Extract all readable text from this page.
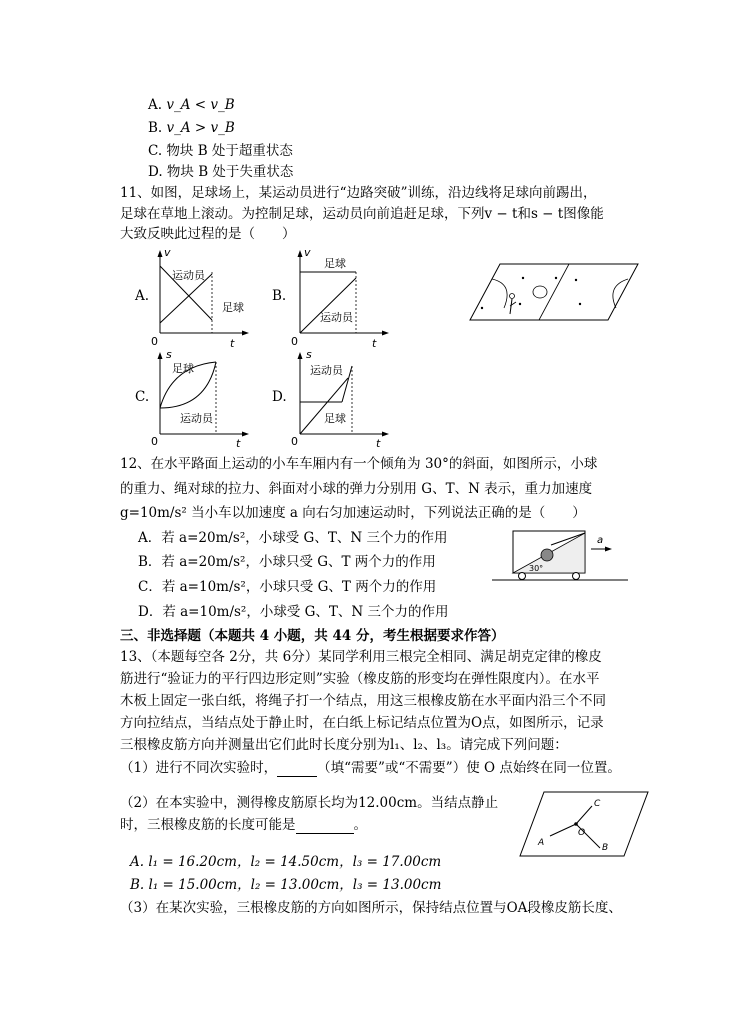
A. v_A < v_B
B. v_A > v_B
C. 物块 B 处于超重状态
D. 物块 B 处于失重状态
11、如图，足球场上，某运动员进行“边路突破”训练，沿边线将足球向前踢出，
足球在草地上滚动。为控制足球，运动员向前追赶足球，下列v − t和s − t图像能
大致反映此过程的是（　　）
A.
v
t
0
运动员
足球
B.
v
t
0
足球
运动员
C.
s
t
0
足球
运动员
D.
s
t
0
运动员
足球
12、在水平路面上运动的小车车厢内有一个倾角为 30°的斜面，如图所示，小球
的重力、绳对球的拉力、斜面对小球的弹力分别用 G、T、N 表示，重力加速度
g=10m/s² 当小车以加速度 a 向右匀加速运动时，下列说法正确的是（　　）
A．若 a=20m/s²，小球受 G、T、N 三个力的作用
B．若 a=20m/s²，小球只受 G、T 两个力的作用
C．若 a=10m/s²，小球只受 G、T 两个力的作用
D．若 a=10m/s²，小球受 G、T、N 三个力的作用
30°
a
三、非选择题（本题共 4 小题，共 44 分，考生根据要求作答）
13、（本题每空各 2分，共 6分）某同学利用三根完全相同、满足胡克定律的橡皮
筋进行“验证力的平行四边形定则”实验（橡皮筋的形变均在弹性限度内）。在水平
木板上固定一张白纸，将绳子打一个结点，用这三根橡皮筋在水平面内沿三个不同
方向拉结点，当结点处于静止时，在白纸上标记结点位置为O点，如图所示，记录
三根橡皮筋方向并测量出它们此时长度分别为l₁、l₂、l₃。请完成下列问题：
（1）进行不同次实验时，	（填“需要”或“不需要”）使 O 点始终在同一位置。
（2）在本实验中，测得橡皮筋原长均为12.00cm。当结点静止
时，三根橡皮筋的长度可能是	。
A
C
O
B
A. l₁ = 16.20cm，l₂ = 14.50cm，l₃ = 17.00cm
B. l₁ = 15.00cm，l₂ = 13.00cm，l₃ = 13.00cm
（3）在某次实验，三根橡皮筋的方向如图所示，保持结点位置与OA段橡皮筋长度、
